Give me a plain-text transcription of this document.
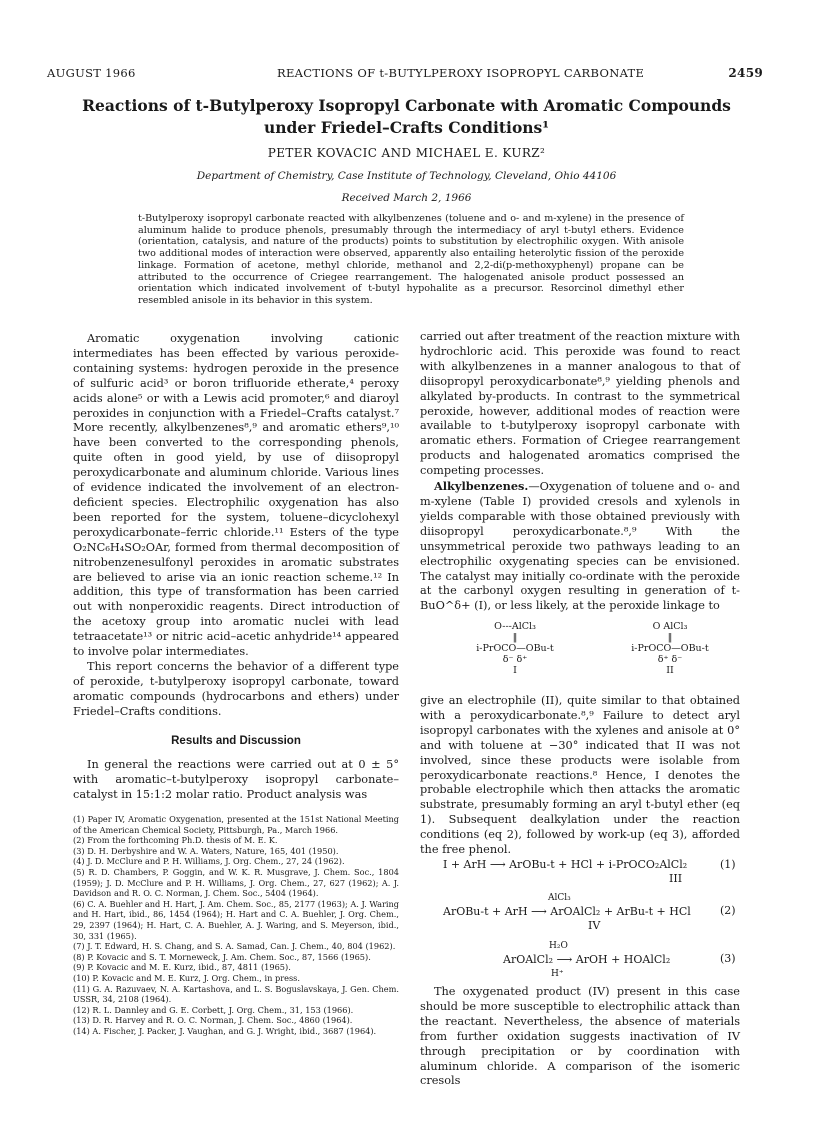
AUGUST 1966	REACTIONS OF t-BUTYLPEROXY ISOPROPYL CARBONATE	2459
Reactions of t-Butylperoxy Isopropyl Carbonate with Aromatic Compounds
under Friedel–Crafts Conditions¹
PETER KOVACIC AND MICHAEL E. KURZ²
Department of Chemistry, Case Institute of Technology, Cleveland, Ohio 44106
Received March 2, 1966
t-Butylperoxy isopropyl carbonate reacted with alkylbenzenes (toluene and o- and m-xylene) in the presence of aluminum halide to produce phenols, presumably through the intermediacy of aryl t-butyl ethers. Evidence (orientation, catalysis, and nature of the products) points to substitution by electrophilic oxygen. With anisole two additional modes of interaction were observed, apparently also entailing heterolytic fission of the peroxide linkage. Formation of acetone, methyl chloride, methanol and 2,2-di(p-methoxyphenyl) propane can be attributed to the occurrence of Criegee rearrangement. The halogenated anisole product possessed an orientation which indicated involvement of t-butyl hypohalite as a precursor. Resorcinol dimethyl ether resembled anisole in its behavior in this system.

Aromatic oxygenation involving cationic intermediates has been effected by various peroxide-containing systems: hydrogen peroxide in the presence of sulfuric acid³ or boron trifluoride etherate,⁴ peroxy acids alone⁵ or with a Lewis acid promoter,⁶ and diaroyl peroxides in conjunction with a Friedel–Crafts catalyst.⁷ More recently, alkylbenzenes⁸,⁹ and aromatic ethers⁹,¹⁰ have been converted to the corresponding phenols, quite often in good yield, by use of diisopropyl peroxydicarbonate and aluminum chloride. Various lines of evidence indicated the involvement of an electron-deficient species. Electrophilic oxygenation has also been reported for the system, toluene–dicyclohexyl peroxydicarbonate–ferric chloride.¹¹ Esters of the type O₂NC₆H₄SO₂OAr, formed from thermal decomposition of nitrobenzenesulfonyl peroxides in aromatic substrates are believed to arise via an ionic reaction scheme.¹² In addition, this type of transformation has been carried out with nonperoxidic reagents. Direct introduction of the acetoxy group into aromatic nuclei with lead tetraacetate¹³ or nitric acid–acetic anhydride¹⁴ appeared to involve polar intermediates.

This report concerns the behavior of a different type of peroxide, t-butylperoxy isopropyl carbonate, toward aromatic compounds (hydrocarbons and ethers) under Friedel–Crafts conditions.

Results and Discussion

In general the reactions were carried out at 0 ± 5° with aromatic–t-butylperoxy isopropyl carbonate–catalyst in 15:1:2 molar ratio. Product analysis was

(1) Paper IV, Aromatic Oxygenation, presented at the 151st National Meeting of the American Chemical Society, Pittsburgh, Pa., March 1966.
(2) From the forthcoming Ph.D. thesis of M. E. K.
(3) D. H. Derbyshire and W. A. Waters, Nature, 165, 401 (1950).
(4) J. D. McClure and P. H. Williams, J. Org. Chem., 27, 24 (1962).
(5) R. D. Chambers, P. Goggin, and W. K. R. Musgrave, J. Chem. Soc., 1804 (1959); J. D. McClure and P. H. Williams, J. Org. Chem., 27, 627 (1962); A. J. Davidson and R. O. C. Norman, J. Chem. Soc., 5404 (1964).
(6) C. A. Buehler and H. Hart, J. Am. Chem. Soc., 85, 2177 (1963); A. J. Waring and H. Hart, ibid., 86, 1454 (1964); H. Hart and C. A. Buehler, J. Org. Chem., 29, 2397 (1964); H. Hart, C. A. Buehler, A. J. Waring, and S. Meyerson, ibid., 30, 331 (1965).
(7) J. T. Edward, H. S. Chang, and S. A. Samad, Can. J. Chem., 40, 804 (1962).
(8) P. Kovacic and S. T. Morneweck, J. Am. Chem. Soc., 87, 1566 (1965).
(9) P. Kovacic and M. E. Kurz, ibid., 87, 4811 (1965).
(10) P. Kovacic and M. E. Kurz, J. Org. Chem., in press.
(11) G. A. Razuvaev, N. A. Kartashova, and L. S. Boguslavskaya, J. Gen. Chem. USSR, 34, 2108 (1964).
(12) R. L. Dannley and G. E. Corbett, J. Org. Chem., 31, 153 (1966).
(13) D. R. Harvey and R. O. C. Norman, J. Chem. Soc., 4860 (1964).
(14) A. Fischer, J. Packer, J. Vaughan, and G. J. Wright, ibid., 3687 (1964).

carried out after treatment of the reaction mixture with hydrochloric acid. This peroxide was found to react with alkylbenzenes in a manner analogous to that of diisopropyl peroxydicarbonate⁸,⁹ yielding phenols and alkylated by-products. In contrast to the symmetrical peroxide, however, additional modes of reaction were available to t-butylperoxy isopropyl carbonate with aromatic ethers. Formation of Criegee rearrangement products and halogenated aromatics comprised the competing processes.

Alkylbenzenes.—Oxygenation of toluene and o- and m-xylene (Table I) provided cresols and xylenols in yields comparable with those obtained previously with diisopropyl peroxydicarbonate.⁸,⁹ With the unsymmetrical peroxide two pathways leading to an electrophilic oxygenating species can be envisioned. The catalyst may initially co-ordinate with the peroxide at the carbonyl oxygen resulting in generation of t-BuO^δ+ (I), or less likely, at the peroxide linkage to

O---AlCl₃
‖
i-PrOCO—OBu-t
δ⁻ δ⁺
I
O AlCl₃
‖
i-PrOCO—OBu-t
δ⁺ δ⁻
II

give an electrophile (II), quite similar to that obtained with a peroxydicarbonate.⁸,⁹ Failure to detect aryl isopropyl carbonates with the xylenes and anisole at 0° and with toluene at −30° indicated that II was not involved, since these products were isolable from peroxydicarbonate reactions.⁸ Hence, I denotes the probable electrophile which then attacks the aromatic substrate, presumably forming an aryl t-butyl ether (eq 1). Subsequent dealkylation under the reaction conditions (eq 2), followed by work-up (eq 3), afforded the free phenol.

I + ArH ⟶ ArOBu-t + HCl + i-PrOCO₂AlCl₂
III
(1)
AlCl₃
ArOBu-t + ArH ⟶ ArOAlCl₂ + ArBu-t + HCl
IV
(2)
H₂O
ArOAlCl₂ ⟶ ArOH + HOAlCl₂
H⁺
(3)

The oxygenated product (IV) present in this case should be more susceptible to electrophilic attack than the reactant. Nevertheless, the absence of materials from further oxidation suggests inactivation of IV through precipitation or by coordination with aluminum chloride. A comparison of the isomeric cresols
